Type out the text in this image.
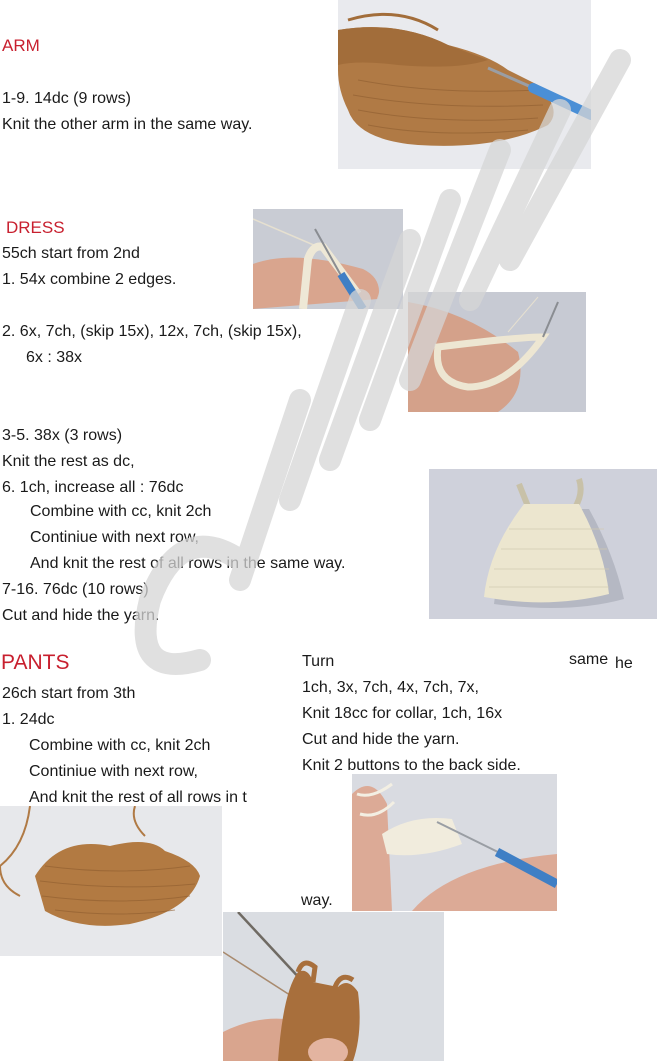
ARM
1-9. 14dc (9 rows)
Knit the other arm in the same way.
DRESS
55ch start from 2nd
1. 54x combine 2 edges.
2. 6x, 7ch, (skip 15x), 12x, 7ch, (skip 15x),
6x : 38x
3-5. 38x (3 rows)
Knit the rest as dc,
6. 1ch, increase all : 76dc
Combine with cc, knit 2ch
Continiue with next row,
And knit the rest of all rows in the same way.
7-16. 76dc (10 rows)
Cut and hide the yarn.
PANTS
26ch start from 3th
1. 24dc
Combine with cc, knit 2ch
Continiue with next row,
And knit the rest of all rows in t
Turn
1ch, 3x, 7ch, 4x, 7ch, 7x,
Knit 18cc for collar, 1ch, 16x
Cut and hide the yarn.
Knit 2 buttons to the back side.
same he
way.
